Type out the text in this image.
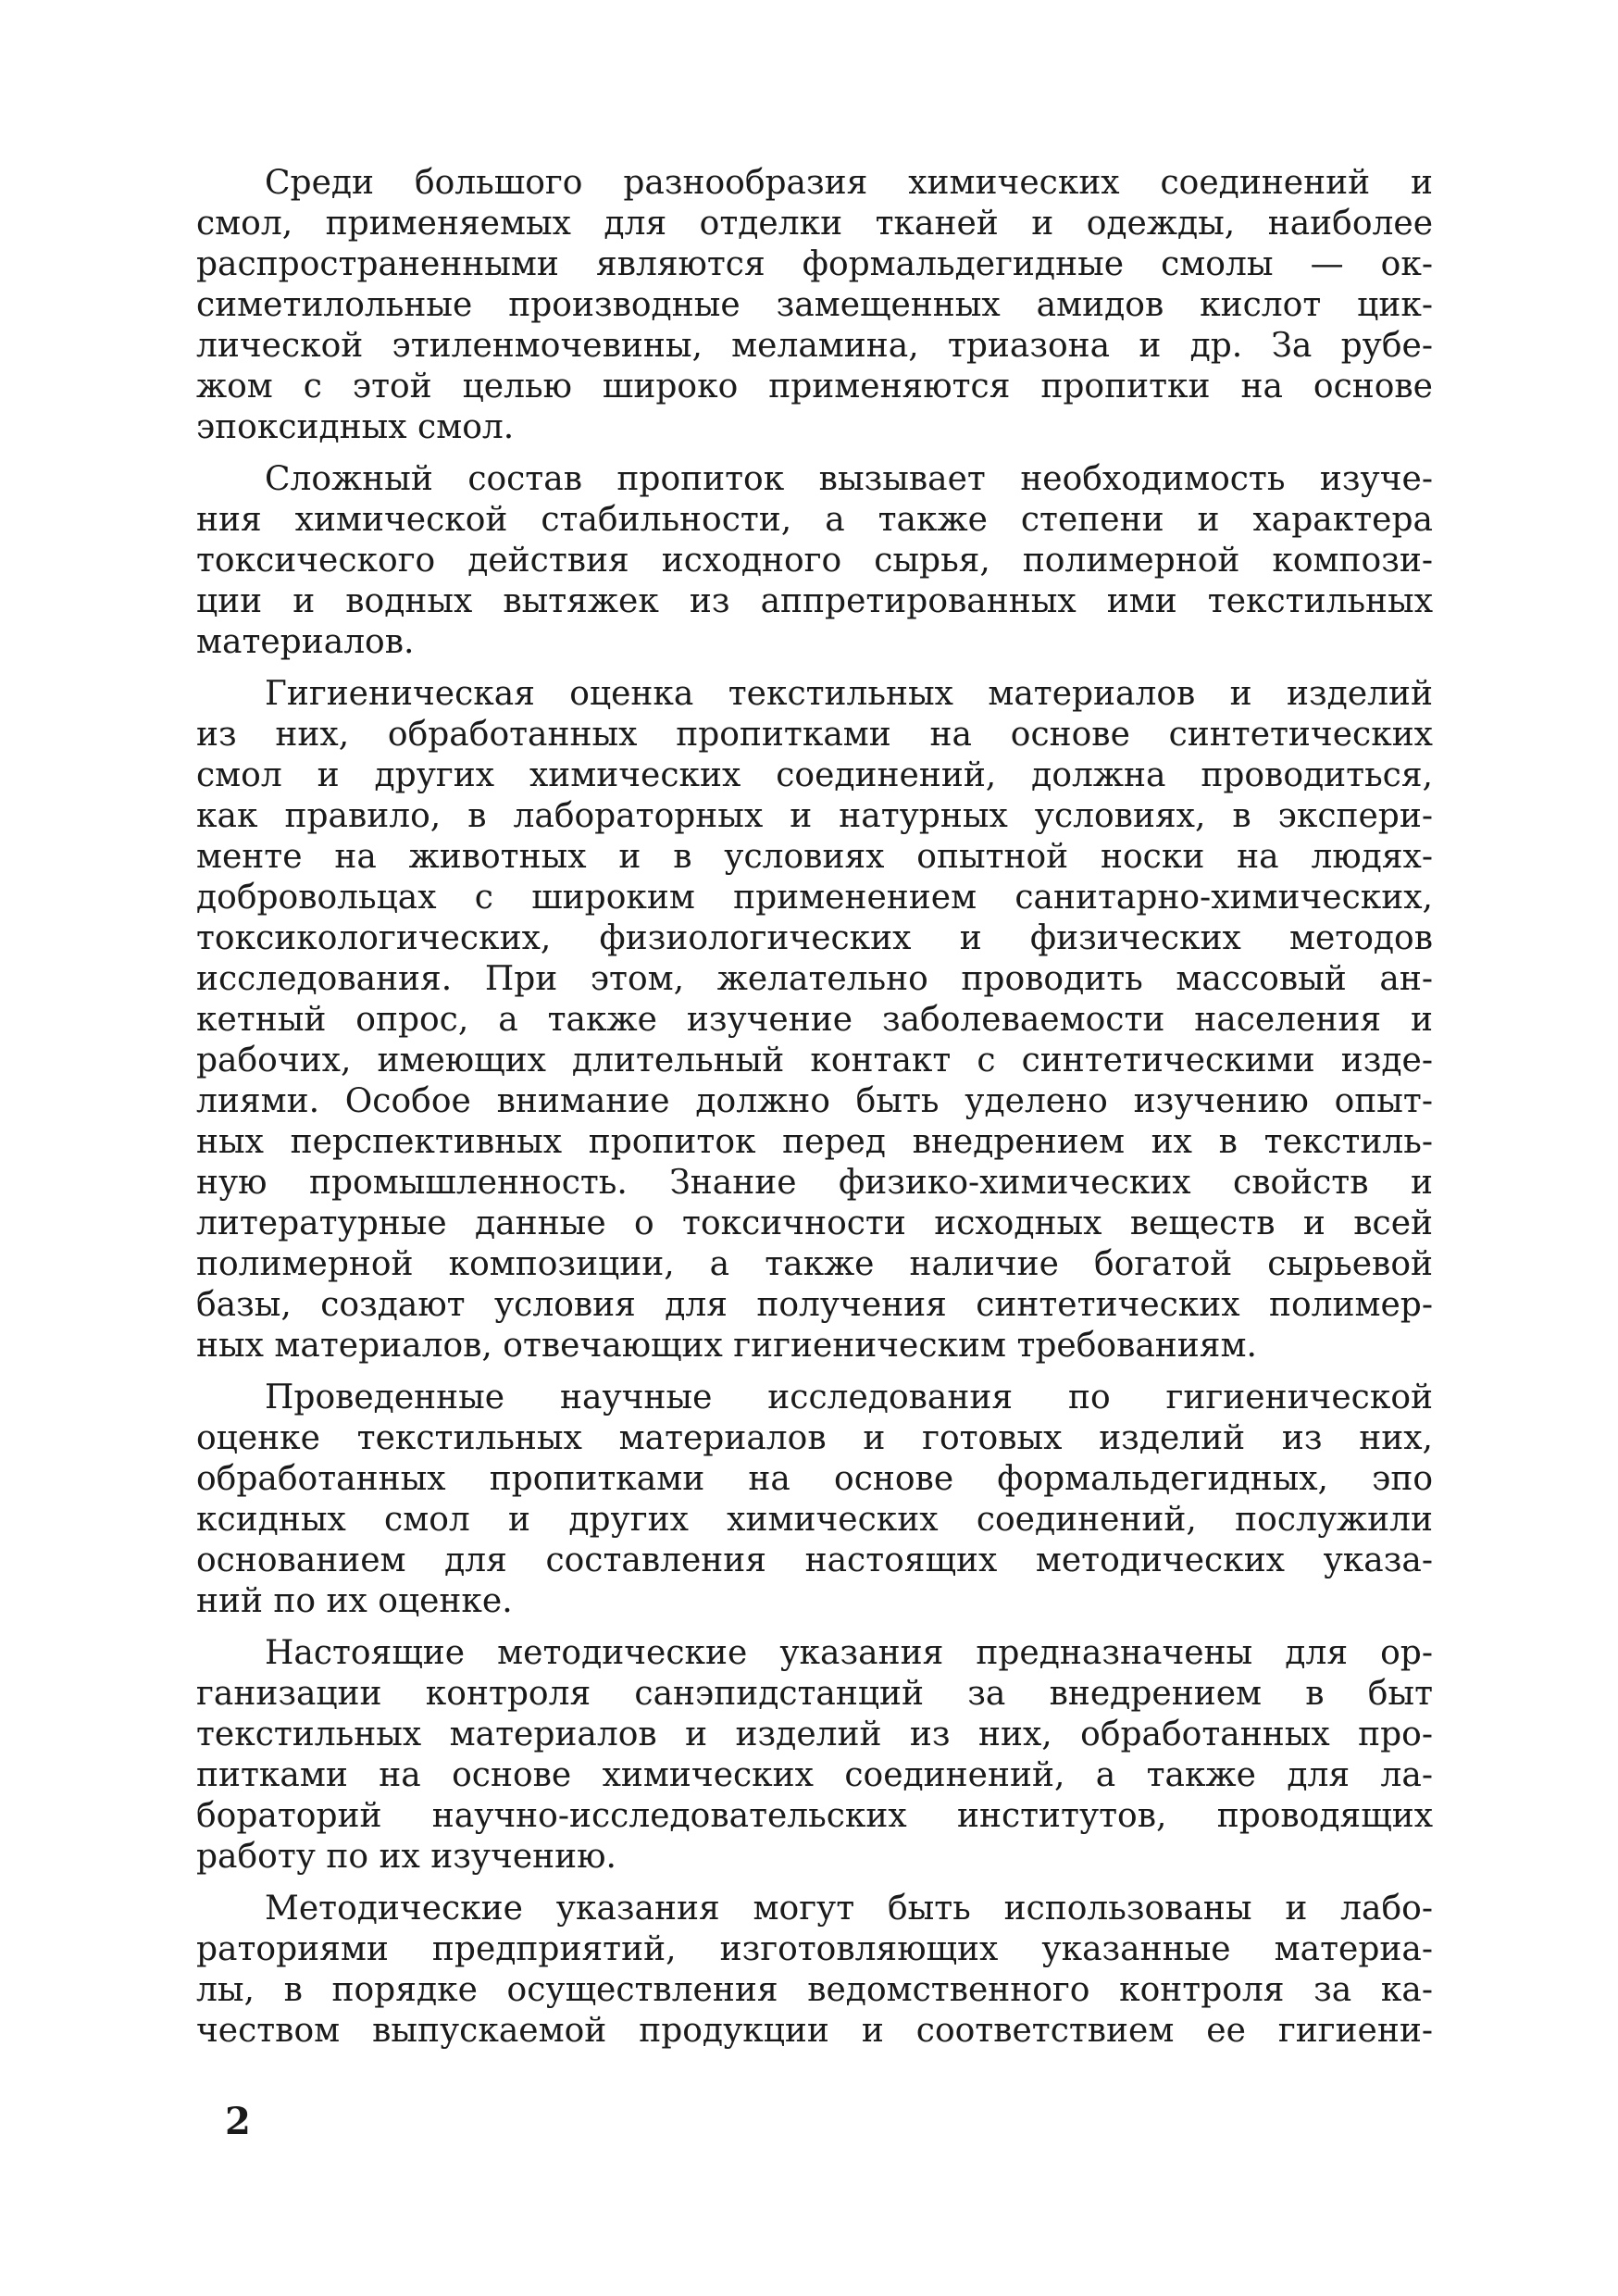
Среди большого разнообразия химических соединений и
смол, применяемых для отделки тканей и одежды, наиболее
распространенными являются формальдегидные смолы — ок-
симетилольные производные замещенных амидов кислот цик-
лической этиленмочевины, меламина, триазона и др. За рубе-
жом с этой целью широко применяются пропитки на основе
эпоксидных смол.
Сложный состав пропиток вызывает необходимость изуче-
ния химической стабильности, а также степени и характера
токсического действия исходного сырья, полимерной компози-
ции и водных вытяжек из аппретированных ими текстильных
материалов.
Гигиеническая оценка текстильных материалов и изделий
из них, обработанных пропитками на основе синтетических
смол и других химических соединений, должна проводиться,
как правило, в лабораторных и натурных условиях, в экспери-
менте на животных и в условиях опытной носки на людях-
добровольцах с широким применением санитарно-химических,
токсикологических, физиологических и физических методов
исследования. При этом, желательно проводить массовый ан-
кетный опрос, а также изучение заболеваемости населения и
рабочих, имеющих длительный контакт с синтетическими изде-
лиями. Особое внимание должно быть уделено изучению опыт-
ных перспективных пропиток перед внедрением их в текстиль-
ную промышленность. Знание физико-химических свойств и
литературные данные о токсичности исходных веществ и всей
полимерной композиции, а также наличие богатой сырьевой
базы, создают условия для получения синтетических полимер-
ных материалов, отвечающих гигиеническим требованиям.
Проведенные научные исследования по гигиенической
оценке текстильных материалов и готовых изделий из них,
обработанных пропитками на основе формальдегидных, эпо
ксидных смол и других химических соединений, послужили
основанием для составления настоящих методических указа-
ний по их оценке.
Настоящие методические указания предназначены для ор-
ганизации контроля санэпидстанций за внедрением в быт
текстильных материалов и изделий из них, обработанных про-
питками на основе химических соединений, а также для ла-
бораторий научно-исследовательских институтов, проводящих
работу по их изучению.
Методические указания могут быть использованы и лабо-
раториями предприятий, изготовляющих указанные материа-
лы, в порядке осуществления ведомственного контроля за ка-
чеством выпускаемой продукции и соответствием ее гигиени-
2
